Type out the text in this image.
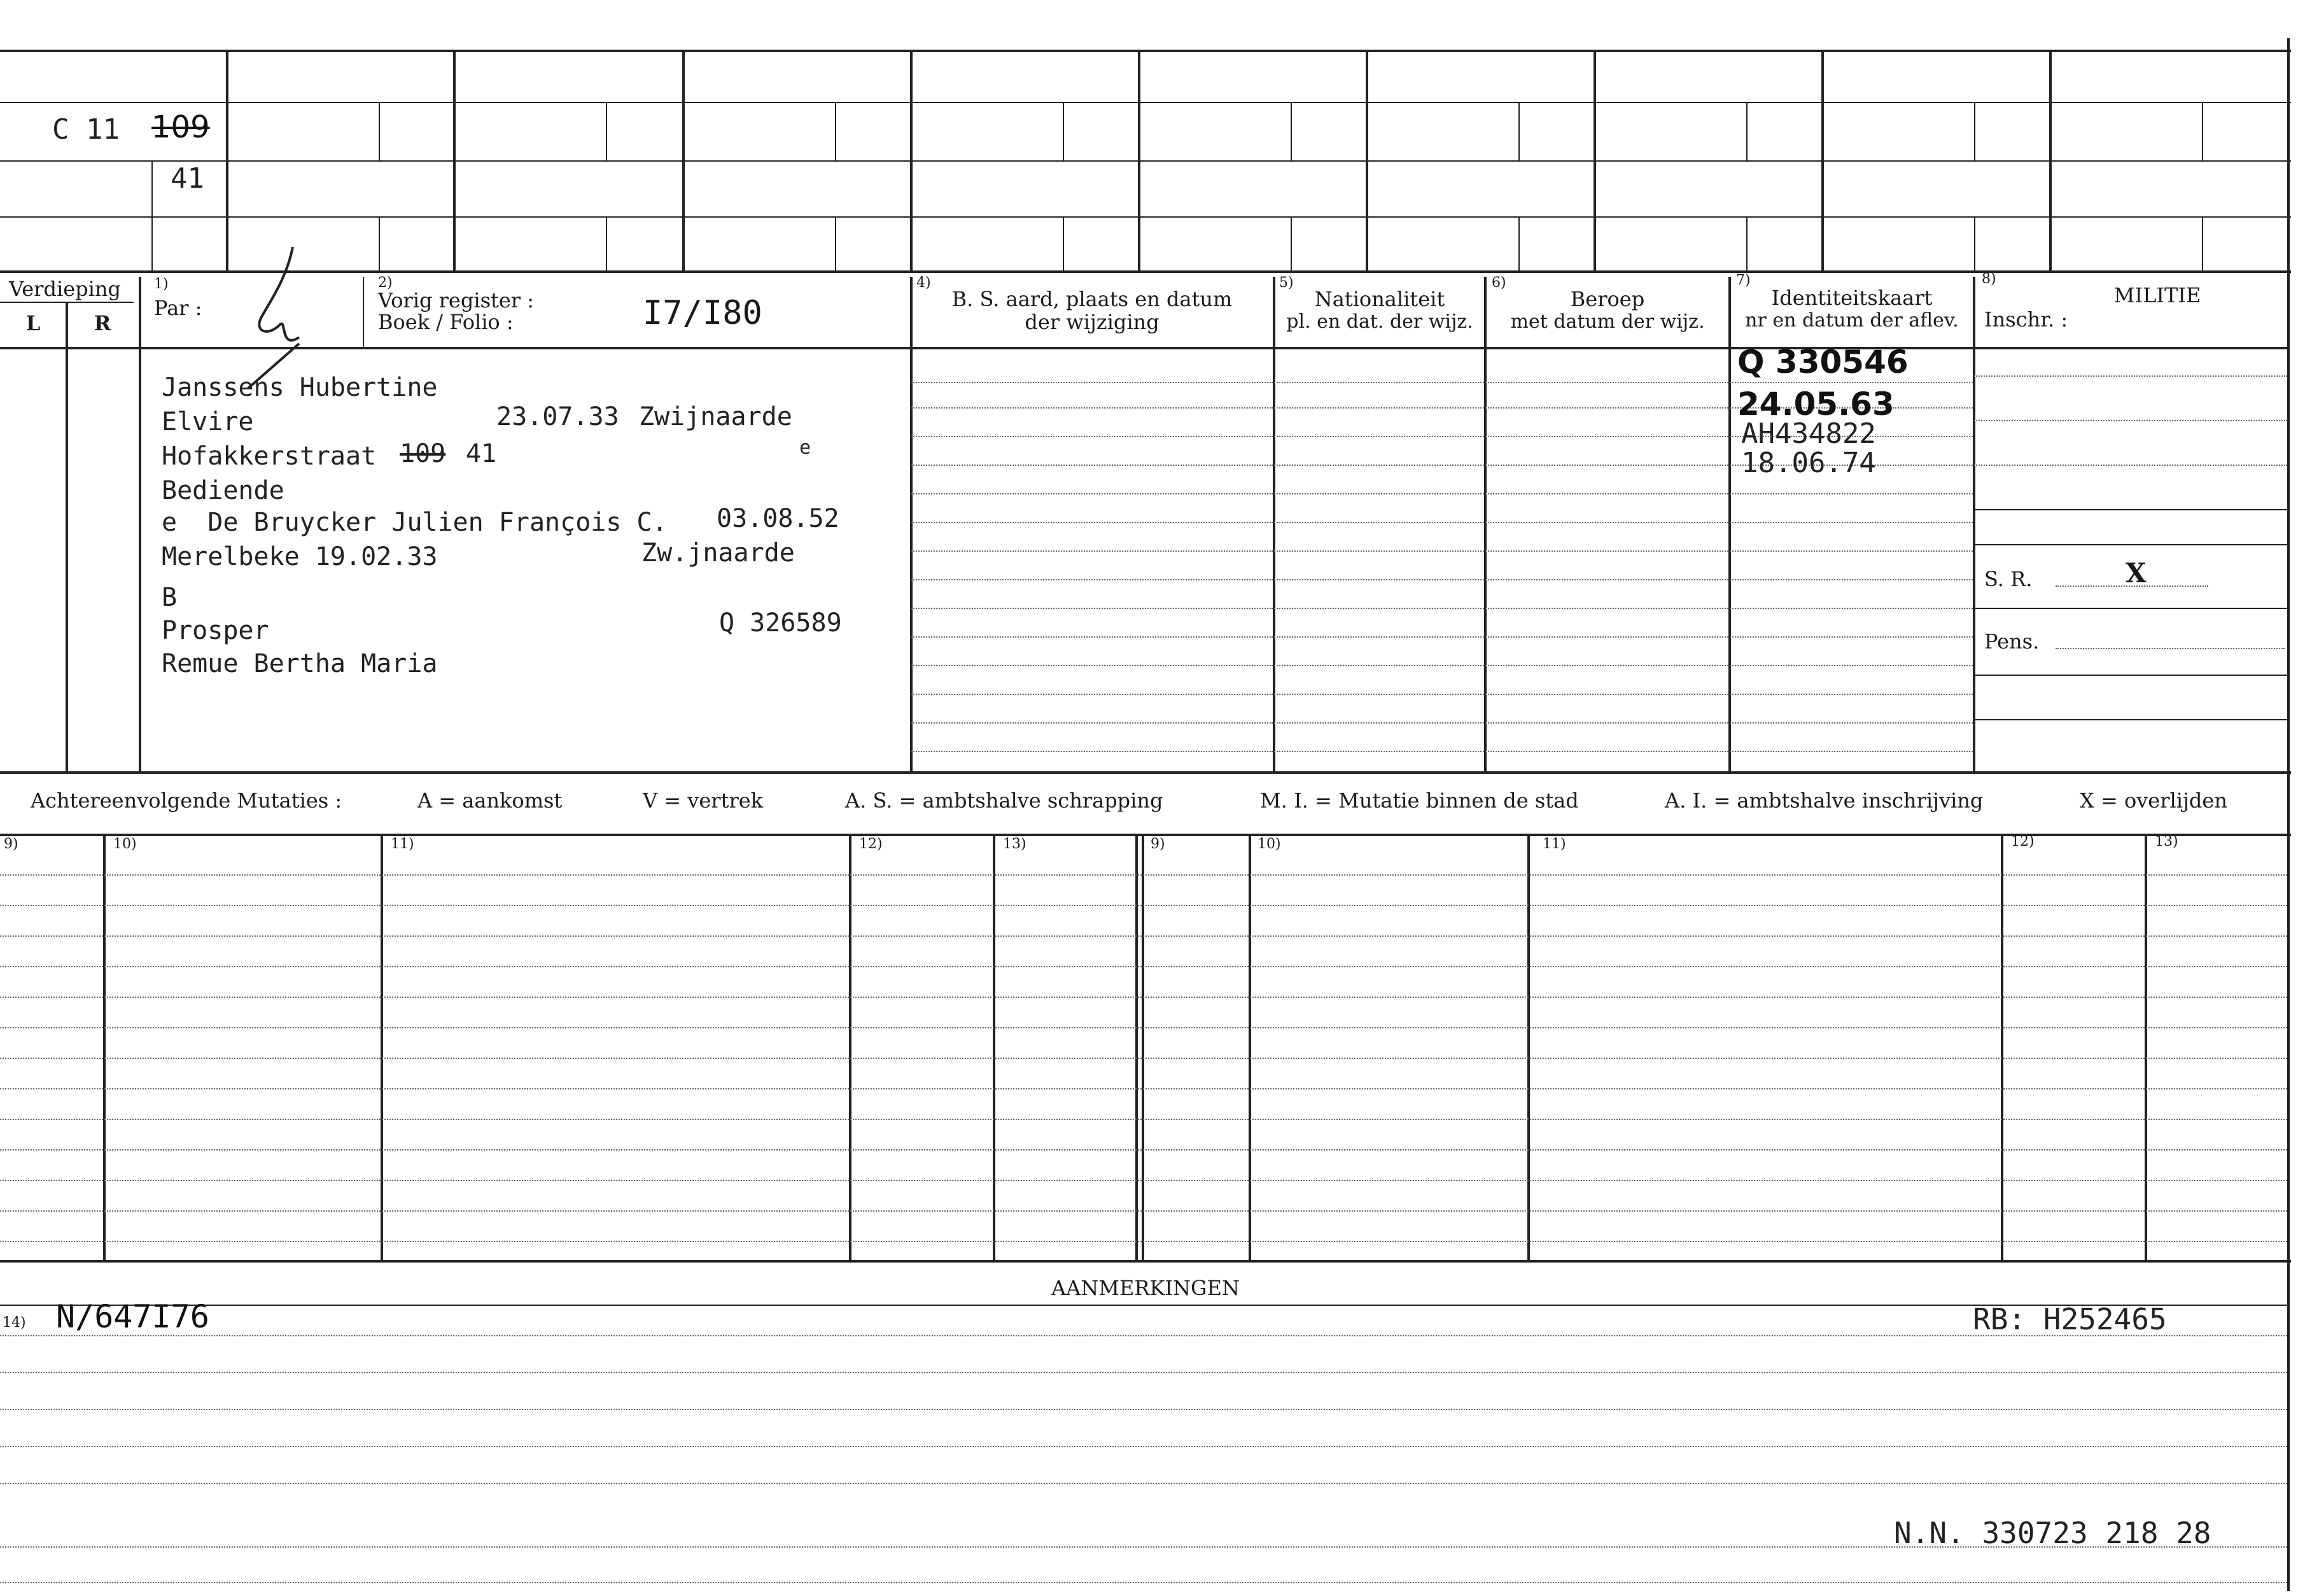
C 11 109
41
Verdieping
L	R
1)
Par :
2)
Vorig register :
Boek / Folio :	I7/I80
4)
B. S. aard, plaats en datum
der wijziging
5)
Nationaliteit
pl. en dat. der wijz.
6)
Beroep
met datum der wijz.
7)
Identiteitskaart
nr en datum der aflev.
8)
MILITIE
Inschr. :
Janssens Hubertine
Elvire	23.07.33 Zwijnaarde
Hofakkerstraat 109 41	e
Bediende
e  De Bruycker Julien François C. 03.08.52
Merelbeke 19.02.33	Zw.jnaarde
B
Prosper	Q 326589
Remue Bertha Maria
Q 330546
24.05.63
AH434822
18.06.74
S. R.	X
Pens.
Achtereenvolgende Mutaties :	A = aankomst	V = vertrek	A. S. = ambtshalve schrapping	M. I. = Mutatie binnen de stad	A. I. = ambtshalve inschrijving	X = overlijden
9)	10)	11)	12)	13)	9)	10)	11)	12)	13)
AANMERKINGEN
14) N/647I76	RB: H252465
N.N. 330723 218 28
